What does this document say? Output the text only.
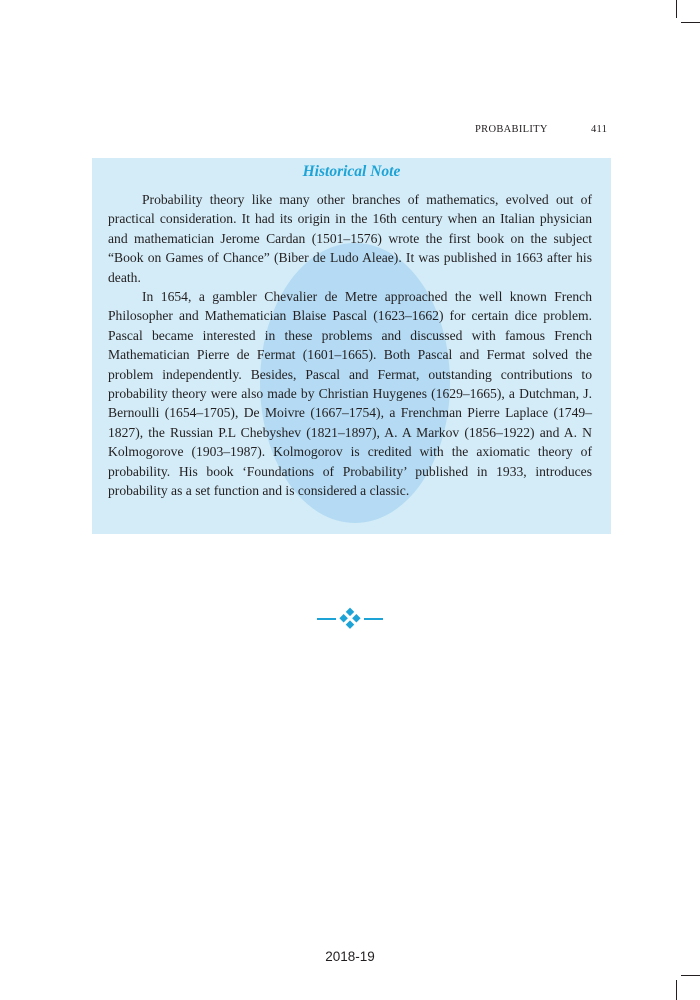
PROBABILITY	411
Historical Note

Probability theory like many other branches of mathematics, evolved out of practical consideration. It had its origin in the 16th century when an Italian physician and mathematician Jerome Cardan (1501–1576) wrote the first book on the subject “Book on Games of Chance” (Biber de Ludo Aleae). It was published in 1663 after his death.

In 1654, a gambler Chevalier de Metre approached the well known French Philosopher and Mathematician Blaise Pascal (1623–1662) for certain dice problem. Pascal became interested in these problems and discussed with famous French Mathematician Pierre de Fermat (1601–1665). Both Pascal and Fermat solved the problem independently. Besides, Pascal and Fermat, outstanding contributions to probability theory were also made by Christian Huygenes (1629–1665), a Dutchman, J. Bernoulli (1654–1705), De Moivre (1667–1754), a Frenchman Pierre Laplace (1749–1827), the Russian P.L Chebyshev (1821–1897), A. A Markov (1856–1922) and A. N Kolmogorove (1903–1987). Kolmogorov is credited with the axiomatic theory of probability. His book ‘Foundations of Probability’ published in 1933, introduces probability as a set function and is considered a classic.

2018-19
